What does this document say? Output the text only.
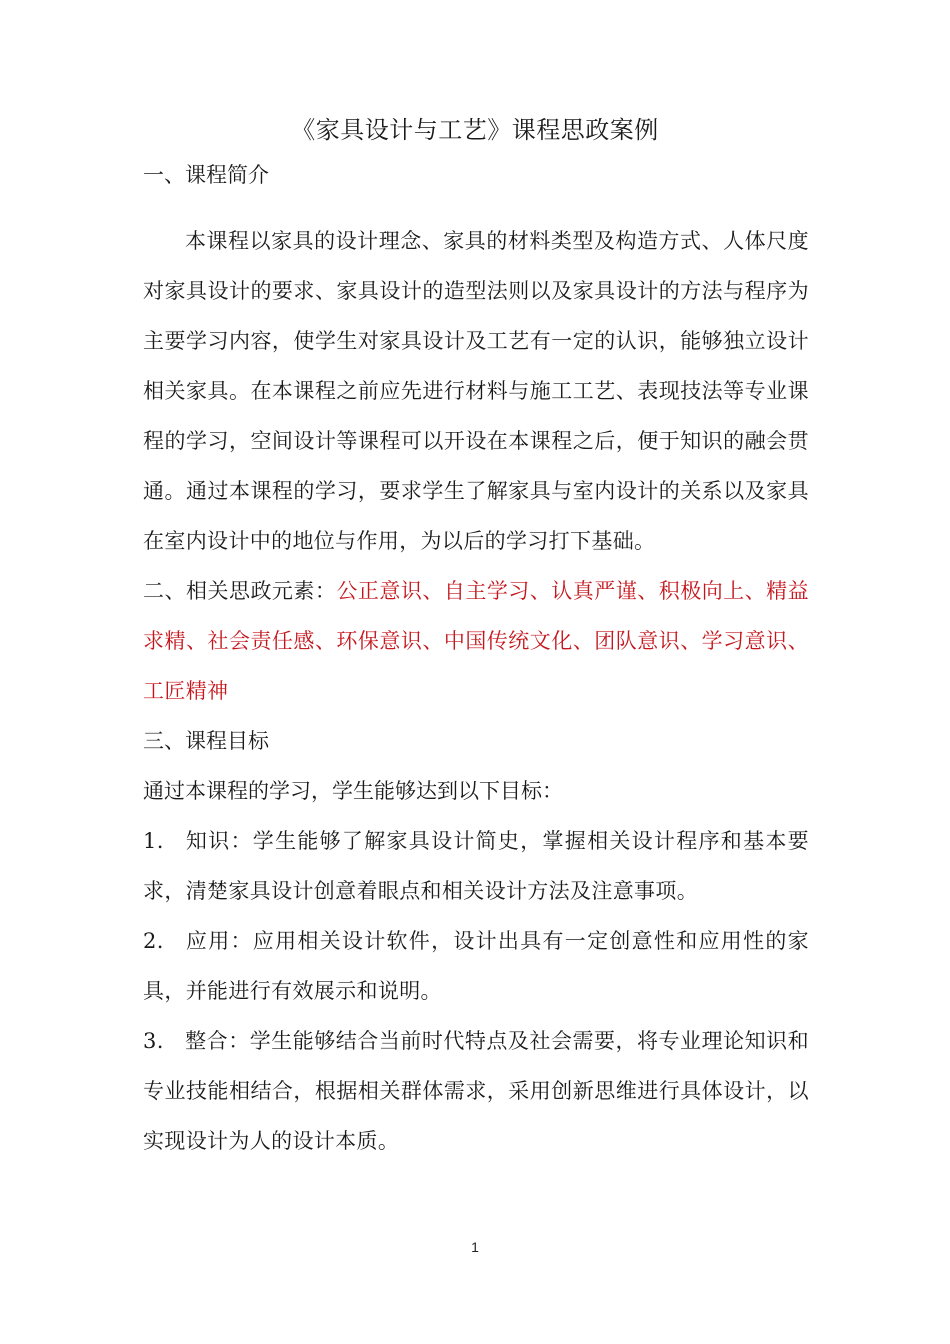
《家具设计与工艺》课程思政案例
一、课程简介
本课程以家具的设计理念、家具的材料类型及构造方式、人体尺度对家具设计的要求、家具设计的造型法则以及家具设计的方法与程序为主要学习内容，使学生对家具设计及工艺有一定的认识，能够独立设计相关家具。在本课程之前应先进行材料与施工工艺、表现技法等专业课程的学习，空间设计等课程可以开设在本课程之后，便于知识的融会贯通。通过本课程的学习，要求学生了解家具与室内设计的关系以及家具在室内设计中的地位与作用，为以后的学习打下基础。
二、相关思政元素：公正意识、自主学习、认真严谨、积极向上、精益求精、社会责任感、环保意识、中国传统文化、团队意识、学习意识、工匠精神
三、课程目标
通过本课程的学习，学生能够达到以下目标：
1. 知识：学生能够了解家具设计简史，掌握相关设计程序和基本要求，清楚家具设计创意着眼点和相关设计方法及注意事项。
2. 应用：应用相关设计软件，设计出具有一定创意性和应用性的家具，并能进行有效展示和说明。
3. 整合：学生能够结合当前时代特点及社会需要，将专业理论知识和专业技能相结合，根据相关群体需求，采用创新思维进行具体设计，以实现设计为人的设计本质。
1
